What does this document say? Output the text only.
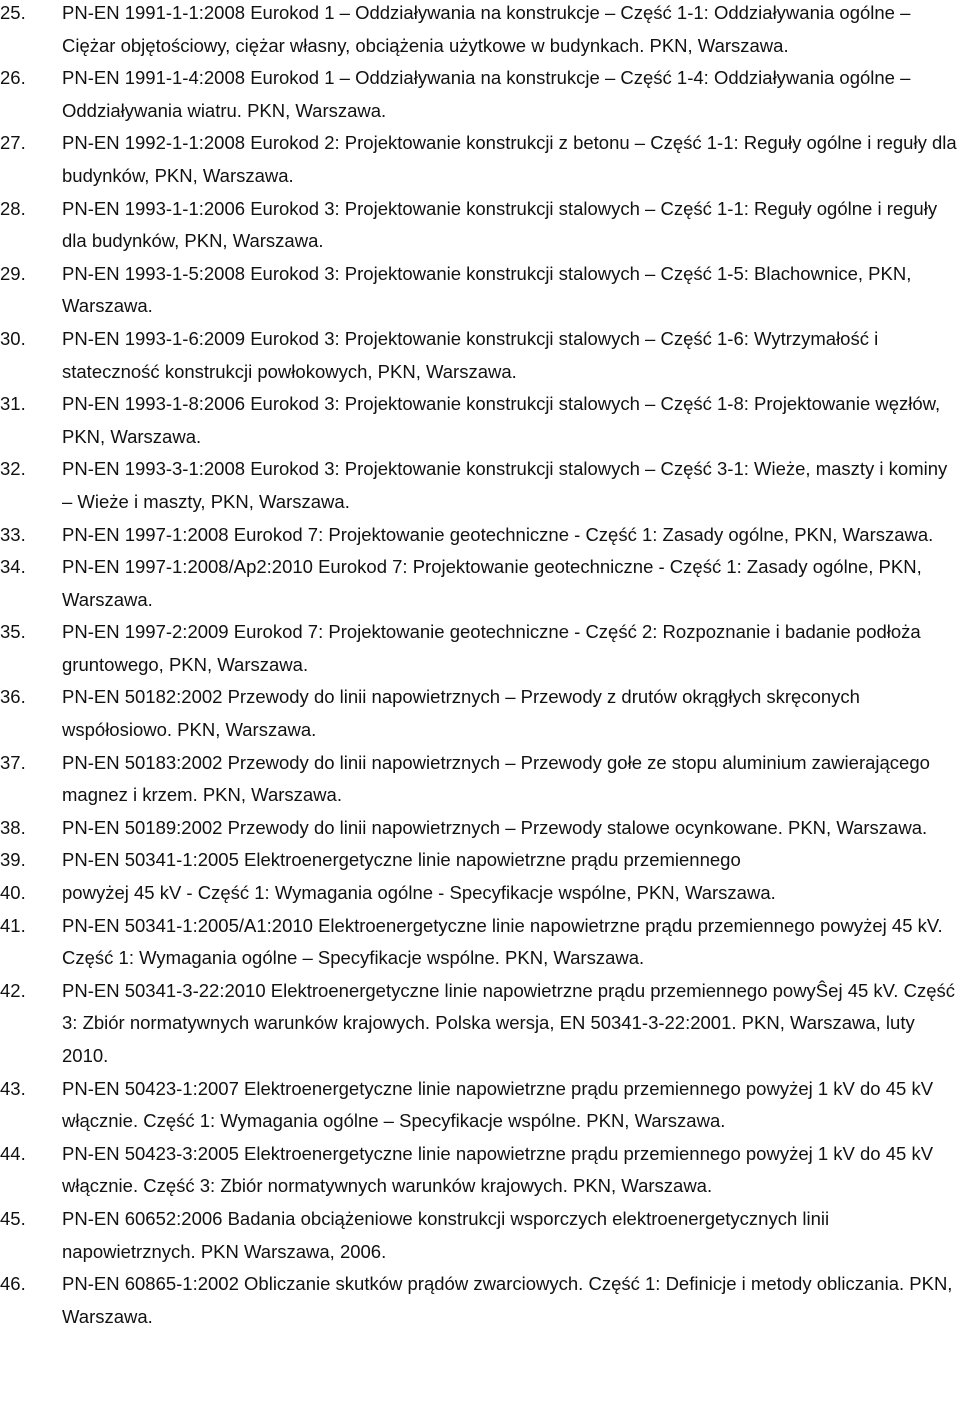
25.	PN-EN 1991-1-1:2008 Eurokod 1 – Oddziaływania na konstrukcje – Część 1-1: Oddziaływania ogólne – Ciężar objętościowy, ciężar własny, obciążenia użytkowe w budynkach. PKN, Warszawa.
26.	PN-EN 1991-1-4:2008 Eurokod 1 – Oddziaływania na konstrukcje – Część 1-4: Oddziaływania ogólne – Oddziaływania wiatru. PKN, Warszawa.
27.	PN-EN 1992-1-1:2008 Eurokod 2: Projektowanie konstrukcji z betonu – Część 1-1: Reguły ogólne i reguły dla budynków, PKN, Warszawa.
28.	PN-EN 1993-1-1:2006 Eurokod 3: Projektowanie konstrukcji stalowych – Część 1-1: Reguły ogólne i reguły dla budynków, PKN, Warszawa.
29.	PN-EN 1993-1-5:2008 Eurokod 3: Projektowanie konstrukcji stalowych – Część 1-5: Blachownice, PKN, Warszawa.
30.	PN-EN 1993-1-6:2009 Eurokod 3: Projektowanie konstrukcji stalowych – Część 1-6: Wytrzymałość i stateczność konstrukcji powłokowych, PKN, Warszawa.
31.	PN-EN 1993-1-8:2006 Eurokod 3: Projektowanie konstrukcji stalowych – Część 1-8: Projektowanie węzłów, PKN, Warszawa.
32.	PN-EN 1993-3-1:2008 Eurokod 3: Projektowanie konstrukcji stalowych – Część 3-1: Wieże, maszty i kominy – Wieże i maszty, PKN, Warszawa.
33.	PN-EN 1997-1:2008 Eurokod 7: Projektowanie geotechniczne - Część 1: Zasady ogólne, PKN, Warszawa.
34.	PN-EN 1997-1:2008/Ap2:2010 Eurokod 7: Projektowanie geotechniczne - Część 1: Zasady ogólne, PKN, Warszawa.
35.	PN-EN 1997-2:2009 Eurokod 7: Projektowanie geotechniczne - Część 2: Rozpoznanie i badanie podłoża gruntowego, PKN, Warszawa.
36.	PN-EN 50182:2002 Przewody do linii napowietrznych – Przewody z drutów okrągłych skręconych współosiowo. PKN, Warszawa.
37.	PN-EN 50183:2002 Przewody do linii napowietrznych – Przewody gołe ze stopu aluminium zawierającego magnez i krzem. PKN, Warszawa.
38.	PN-EN 50189:2002 Przewody do linii napowietrznych – Przewody stalowe ocynkowane. PKN, Warszawa.
39.	PN-EN 50341-1:2005 Elektroenergetyczne linie napowietrzne prądu przemiennego
40.	powyżej 45 kV - Część 1: Wymagania ogólne - Specyfikacje wspólne, PKN, Warszawa.
41.	PN-EN 50341-1:2005/A1:2010 Elektroenergetyczne linie napowietrzne prądu przemiennego powyżej 45 kV. Część 1: Wymagania ogólne – Specyfikacje wspólne. PKN, Warszawa.
42.	PN-EN 50341-3-22:2010 Elektroenergetyczne linie napowietrzne prądu przemiennego powyŜej 45 kV. Część 3: Zbiór normatywnych warunków krajowych. Polska wersja, EN 50341-3-22:2001. PKN, Warszawa, luty 2010.
43.	PN-EN 50423-1:2007 Elektroenergetyczne linie napowietrzne prądu przemiennego powyżej 1 kV do 45 kV włącznie. Część 1: Wymagania ogólne – Specyfikacje wspólne. PKN, Warszawa.
44.	PN-EN 50423-3:2005 Elektroenergetyczne linie napowietrzne prądu przemiennego powyżej 1 kV do 45 kV włącznie. Część 3: Zbiór normatywnych warunków krajowych. PKN, Warszawa.
45.	PN-EN 60652:2006 Badania obciążeniowe konstrukcji wsporczych elektroenergetycznych linii napowietrznych. PKN Warszawa, 2006.
46.	PN-EN 60865-1:2002 Obliczanie skutków prądów zwarciowych. Część 1: Definicje i metody obliczania. PKN, Warszawa.
